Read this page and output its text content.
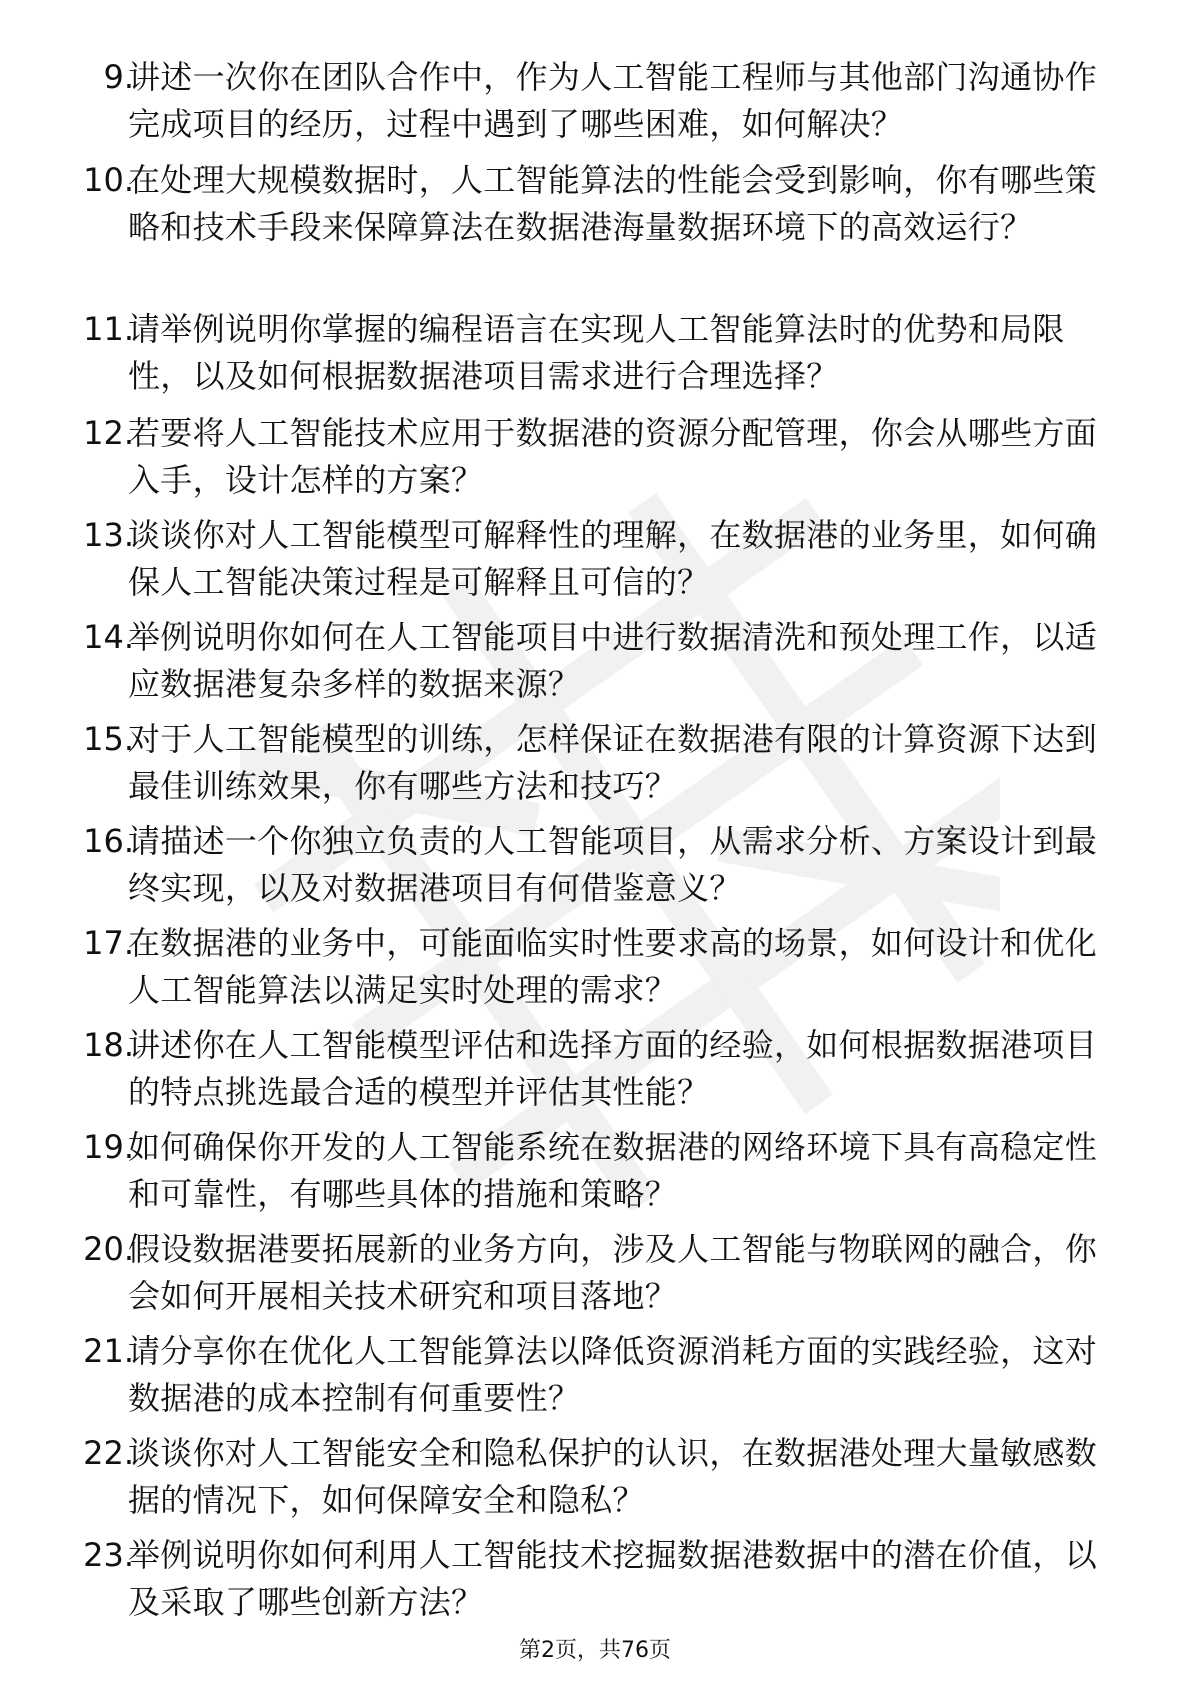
9.
讲述一次你在团队合作中，作为人工智能工程师与其他部门沟通协作完成项目的经历，过程中遇到了哪些困难，如何解决？
10.
在处理大规模数据时，人工智能算法的性能会受到影响，你有哪些策略和技术手段来保障算法在数据港海量数据环境下的高效运行？
11.
请举例说明你掌握的编程语言在实现人工智能算法时的优势和局限性，以及如何根据数据港项目需求进行合理选择？
12.
若要将人工智能技术应用于数据港的资源分配管理，你会从哪些方面入手，设计怎样的方案？
13.
谈谈你对人工智能模型可解释性的理解，在数据港的业务里，如何确保人工智能决策过程是可解释且可信的？
14.
举例说明你如何在人工智能项目中进行数据清洗和预处理工作，以适应数据港复杂多样的数据来源？
15.
对于人工智能模型的训练，怎样保证在数据港有限的计算资源下达到最佳训练效果，你有哪些方法和技巧？
16.
请描述一个你独立负责的人工智能项目，从需求分析、方案设计到最终实现，以及对数据港项目有何借鉴意义？
17.
在数据港的业务中，可能面临实时性要求高的场景，如何设计和优化人工智能算法以满足实时处理的需求？
18.
讲述你在人工智能模型评估和选择方面的经验，如何根据数据港项目的特点挑选最合适的模型并评估其性能？
19.
如何确保你开发的人工智能系统在数据港的网络环境下具有高稳定性和可靠性，有哪些具体的措施和策略？
20.
假设数据港要拓展新的业务方向，涉及人工智能与物联网的融合，你会如何开展相关技术研究和项目落地？
21.
请分享你在优化人工智能算法以降低资源消耗方面的实践经验，这对数据港的成本控制有何重要性？
22.
谈谈你对人工智能安全和隐私保护的认识，在数据港处理大量敏感数据的情况下，如何保障安全和隐私？
23.
举例说明你如何利用人工智能技术挖掘数据港数据中的潜在价值，以及采取了哪些创新方法？
第2页，共76页
